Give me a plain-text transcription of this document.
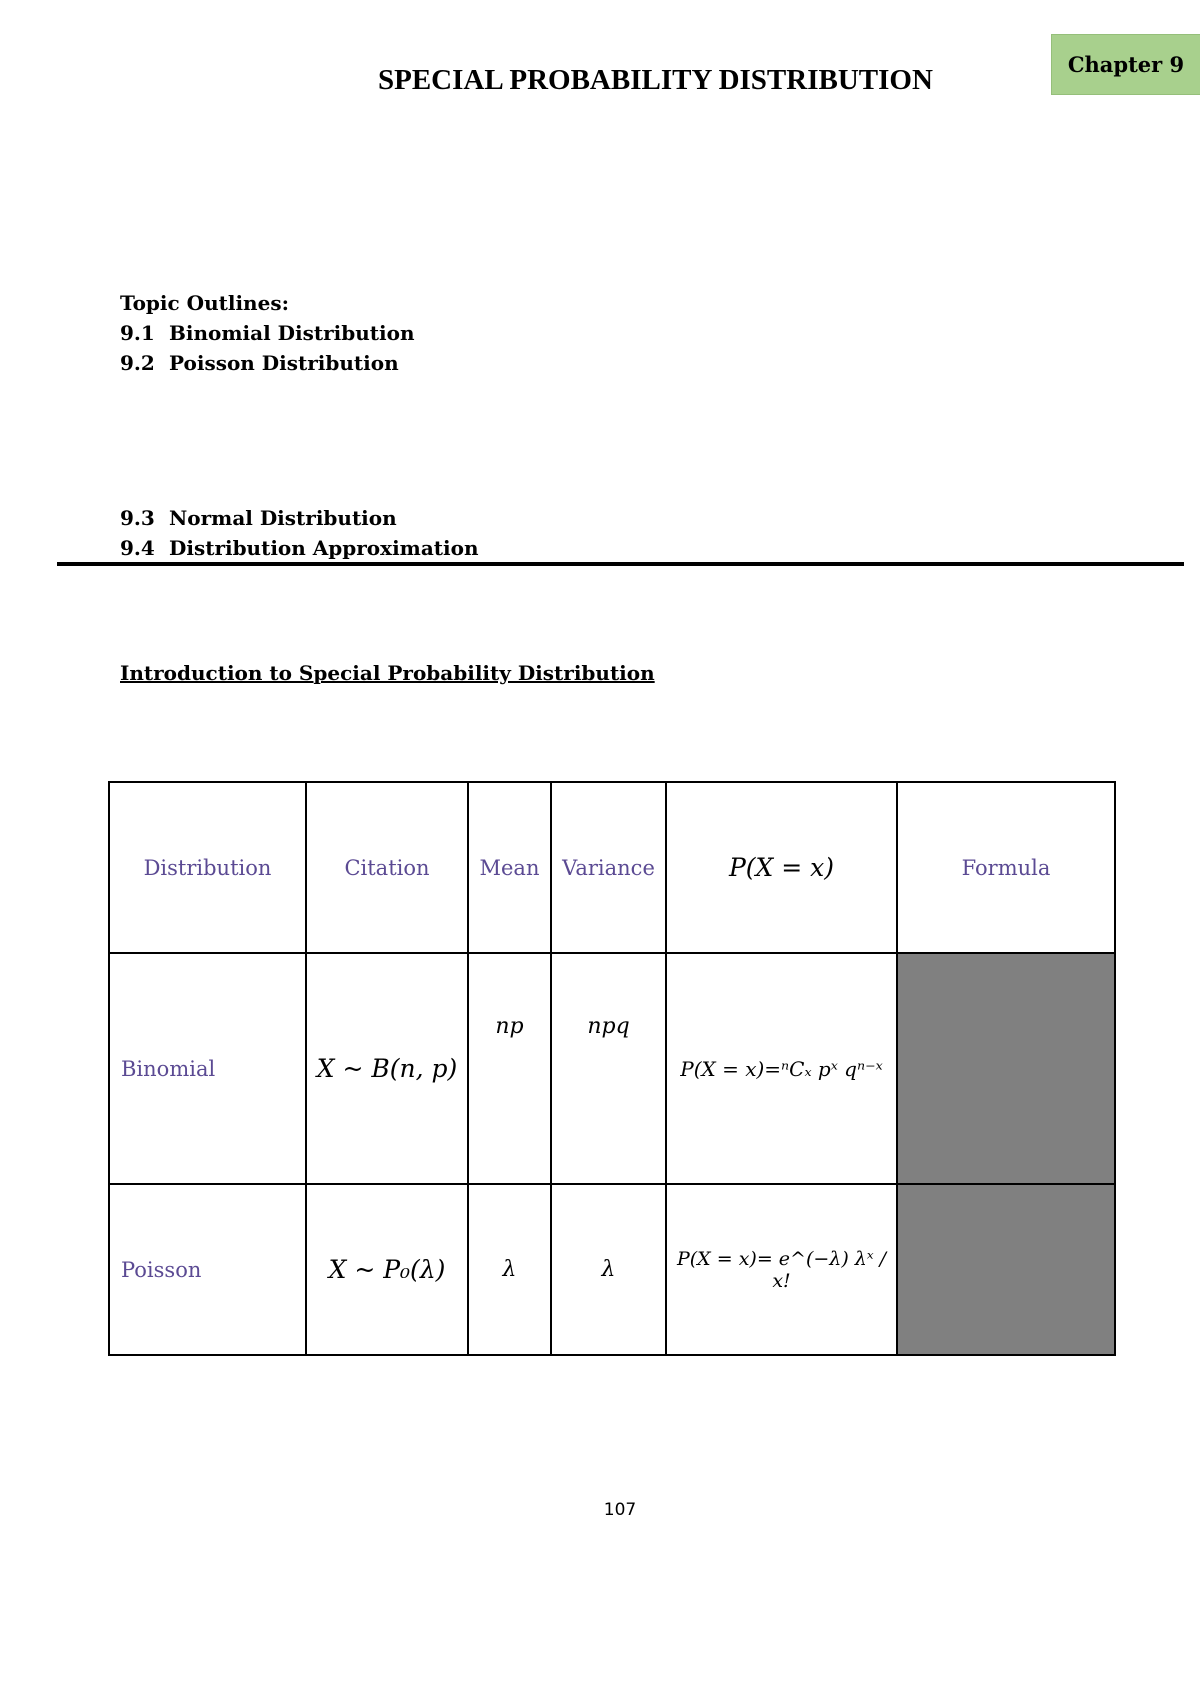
Chapter 9
SPECIAL PROBABILITY DISTRIBUTION
Topic Outlines:
9.1 Binomial Distribution
9.2 Poisson Distribution
9.3 Normal Distribution
9.4 Distribution Approximation
Introduction to Special Probability Distribution
Distribution	Citation	Mean	Variance	P(X = x)	Formula
Binomial	X ~ B(n, p)	np	npq	P(X = x)=ⁿCₓ pˣ qⁿ⁻ˣ	
Poisson	X ~ P₀(λ)	λ	λ	P(X = x)= e^(−λ) λˣ / x!	
107
